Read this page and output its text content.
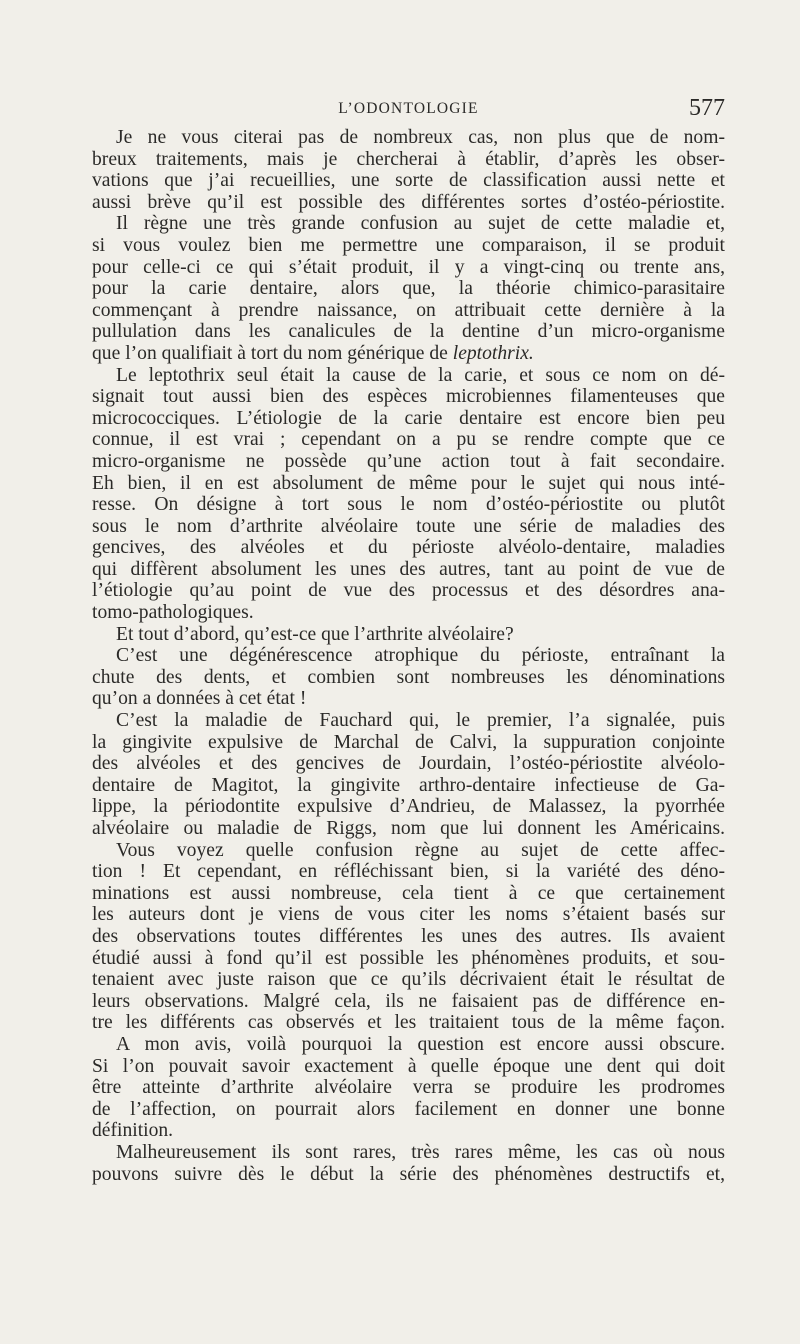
L’ODONTOLOGIE	577
Je ne vous citerai pas de nombreux cas, non plus que de nom-
breux traitements, mais je chercherai à établir, d’après les obser-
vations que j’ai recueillies, une sorte de classification aussi nette et
aussi brève qu’il est possible des différentes sortes d’ostéo-périostite.
Il règne une très grande confusion au sujet de cette maladie et,
si vous voulez bien me permettre une comparaison, il se produit
pour celle-ci ce qui s’était produit, il y a vingt-cinq ou trente ans,
pour la carie dentaire, alors que, la théorie chimico-parasitaire
commençant à prendre naissance, on attribuait cette dernière à la
pullulation dans les canalicules de la dentine d’un micro-organisme
que l’on qualifiait à tort du nom générique de leptothrix.
Le leptothrix seul était la cause de la carie, et sous ce nom on dé-
signait tout aussi bien des espèces microbiennes filamenteuses que
micrococciques. L’étiologie de la carie dentaire est encore bien peu
connue, il est vrai ; cependant on a pu se rendre compte que ce
micro-organisme ne possède qu’une action tout à fait secondaire.
Eh bien, il en est absolument de même pour le sujet qui nous inté-
resse. On désigne à tort sous le nom d’ostéo-périostite ou plutôt
sous le nom d’arthrite alvéolaire toute une série de maladies des
gencives, des alvéoles et du périoste alvéolo-dentaire, maladies
qui diffèrent absolument les unes des autres, tant au point de vue de
l’étiologie qu’au point de vue des processus et des désordres ana-
tomo-pathologiques.
Et tout d’abord, qu’est-ce que l’arthrite alvéolaire?
C’est une dégénérescence atrophique du périoste, entraînant la
chute des dents, et combien sont nombreuses les dénominations
qu’on a données à cet état !
C’est la maladie de Fauchard qui, le premier, l’a signalée, puis
la gingivite expulsive de Marchal de Calvi, la suppuration conjointe
des alvéoles et des gencives de Jourdain, l’ostéo-périostite alvéolo-
dentaire de Magitot, la gingivite arthro-dentaire infectieuse de Ga-
lippe, la périodontite expulsive d’Andrieu, de Malassez, la pyorrhée
alvéolaire ou maladie de Riggs, nom que lui donnent les Américains.
Vous voyez quelle confusion règne au sujet de cette affec-
tion ! Et cependant, en réfléchissant bien, si la variété des déno-
minations est aussi nombreuse, cela tient à ce que certainement
les auteurs dont je viens de vous citer les noms s’étaient basés sur
des observations toutes différentes les unes des autres. Ils avaient
étudié aussi à fond qu’il est possible les phénomènes produits, et sou-
tenaient avec juste raison que ce qu’ils décrivaient était le résultat de
leurs observations. Malgré cela, ils ne faisaient pas de différence en-
tre les différents cas observés et les traitaient tous de la même façon.
A mon avis, voilà pourquoi la question est encore aussi obscure.
Si l’on pouvait savoir exactement à quelle époque une dent qui doit
être atteinte d’arthrite alvéolaire verra se produire les prodromes
de l’affection, on pourrait alors facilement en donner une bonne
définition.
Malheureusement ils sont rares, très rares même, les cas où nous
pouvons suivre dès le début la série des phénomènes destructifs et,
